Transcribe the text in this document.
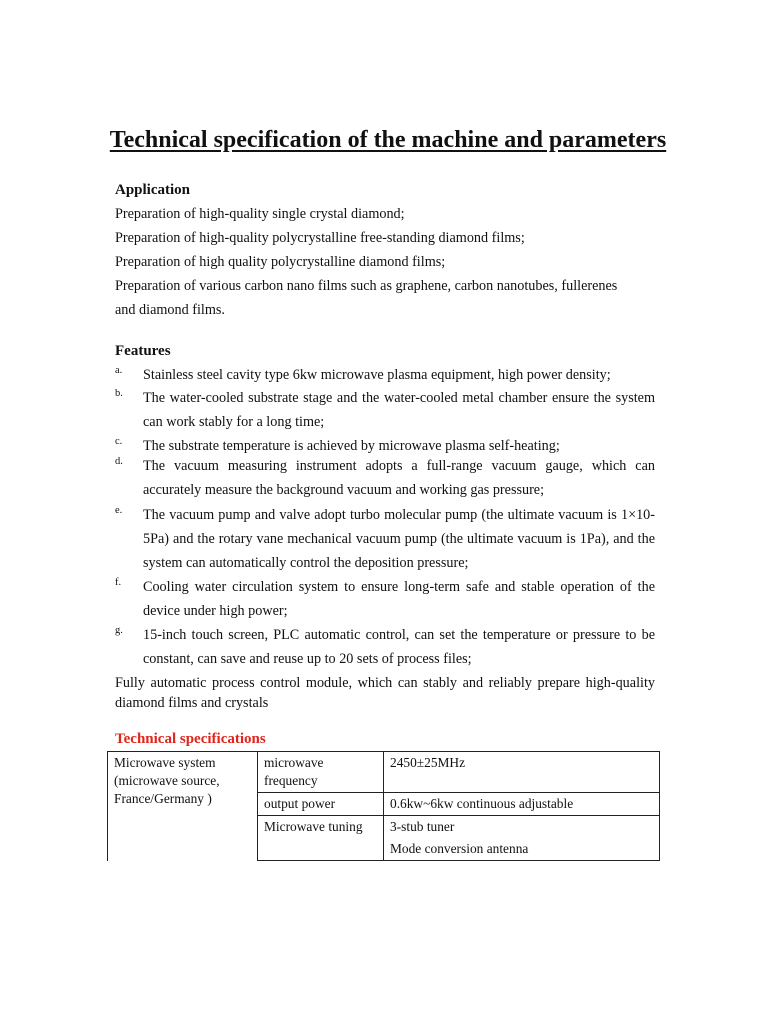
Technical specification of the machine and parameters
Application
Preparation of high-quality single crystal diamond;
Preparation of high-quality polycrystalline free-standing diamond films;
Preparation of high quality polycrystalline diamond films;
Preparation of various carbon nano films such as graphene, carbon nanotubes, fullerenes
and diamond films.
Features
a. Stainless steel cavity type 6kw microwave plasma equipment, high power density;
b. The water-cooled substrate stage and the water-cooled metal chamber ensure the system can work stably for a long time;
c. The substrate temperature is achieved by microwave plasma self-heating;
d. The vacuum measuring instrument adopts a full-range vacuum gauge, which can accurately measure the background vacuum and working gas pressure;
e. The vacuum pump and valve adopt turbo molecular pump (the ultimate vacuum is 1×10-5Pa) and the rotary vane mechanical vacuum pump (the ultimate vacuum is 1Pa), and the system can automatically control the deposition pressure;
f. Cooling water circulation system to ensure long-term safe and stable operation of the device under high power;
g. 15-inch touch screen, PLC automatic control, can set the temperature or pressure to be constant, can save and reuse up to 20 sets of process files;
Fully automatic process control module, which can stably and reliably prepare high-quality diamond films and crystals
Technical specifications
Microwave system (microwave source, France/Germany )	microwave frequency	2450±25MHz
	output power	0.6kw~6kw continuous adjustable
	Microwave tuning	3-stub tuner
		Mode conversion antenna
